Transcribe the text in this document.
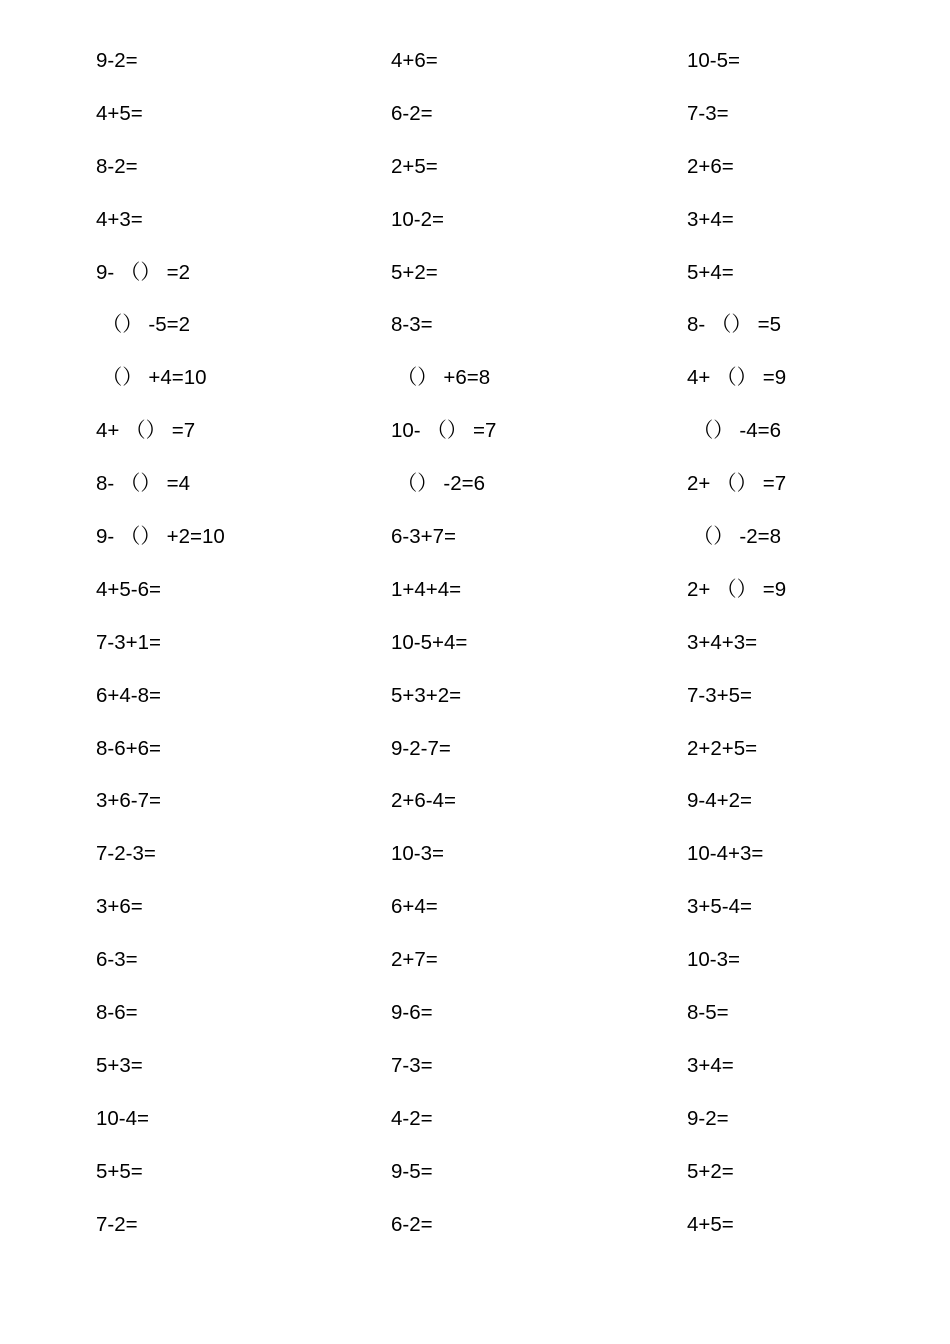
9-2=
4+5=
8-2=
4+3=
9- （） =2
（） -5=2
（） +4=10
4+ （） =7
8- （） =4
9- （） +2=10
4+5-6=
7-3+1=
6+4-8=
8-6+6=
3+6-7=
7-2-3=
3+6=
6-3=
8-6=
5+3=
10-4=
5+5=
7-2=
4+6=
6-2=
2+5=
10-2=
5+2=
8-3=
（） +6=8
10- （） =7
（） -2=6
6-3+7=
1+4+4=
10-5+4=
5+3+2=
9-2-7=
2+6-4=
10-3=
6+4=
2+7=
9-6=
7-3=
4-2=
9-5=
6-2=
10-5=
7-3=
2+6=
3+4=
5+4=
8- （） =5
4+ （） =9
（） -4=6
2+ （） =7
（） -2=8
2+ （） =9
3+4+3=
7-3+5=
2+2+5=
9-4+2=
10-4+3=
3+5-4=
10-3=
8-5=
3+4=
9-2=
5+2=
4+5=
